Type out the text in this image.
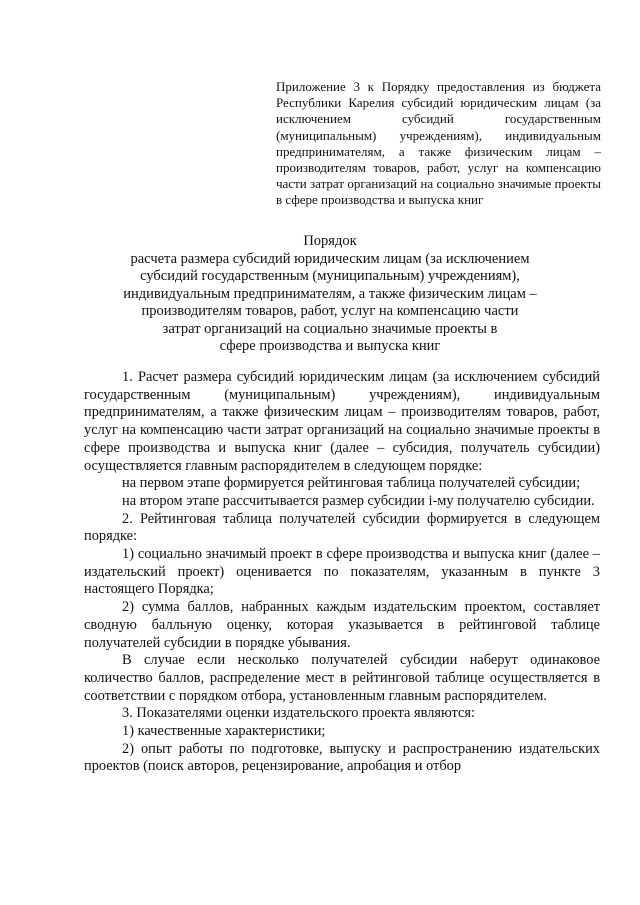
Приложение 3 к Порядку предоставления из бюджета Республики Карелия субсидий юридическим лицам (за исключением субсидий государственным (муниципальным) учреждениям), индивидуальным предпринимателям, а также физическим лицам – производителям товаров, работ, услуг на компенсацию части затрат организаций на социально значимые проекты в сфере производства и выпуска книг
Порядок
расчета размера субсидий юридическим лицам (за исключением
субсидий государственным (муниципальным) учреждениям),
индивидуальным предпринимателям, а также физическим лицам –
производителям товаров, работ, услуг на компенсацию части
затрат организаций на социально значимые проекты в
сфере производства и выпуска книг

1. Расчет размера субсидий юридическим лицам (за исключением субсидий государственным (муниципальным) учреждениям), индивидуальным предпринимателям, а также физическим лицам – производителям товаров, работ, услуг на компенсацию части затрат организаций на социально значимые проекты в сфере производства и выпуска книг (далее – субсидия, получатель субсидии) осуществляется главным распорядителем в следующем порядке:

на первом этапе формируется рейтинговая таблица получателей субсидии;

на втором этапе рассчитывается размер субсидии i-му получателю субсидии.

2. Рейтинговая таблица получателей субсидии формируется в следующем порядке:

1) социально значимый проект в сфере производства и выпуска книг (далее – издательский проект) оценивается по показателям, указанным в пункте 3 настоящего Порядка;

2) сумма баллов, набранных каждым издательским проектом, составляет сводную балльную оценку, которая указывается в рейтинговой таблице получателей субсидии в порядке убывания.

В случае если несколько получателей субсидии наберут одинаковое количество баллов, распределение мест в рейтинговой таблице осуществляется в соответствии с порядком отбора, установленным главным распорядителем.

3. Показателями оценки издательского проекта являются:

1) качественные характеристики;

2) опыт работы по подготовке, выпуску и распространению издательских проектов (поиск авторов, рецензирование, апробация и отбор
